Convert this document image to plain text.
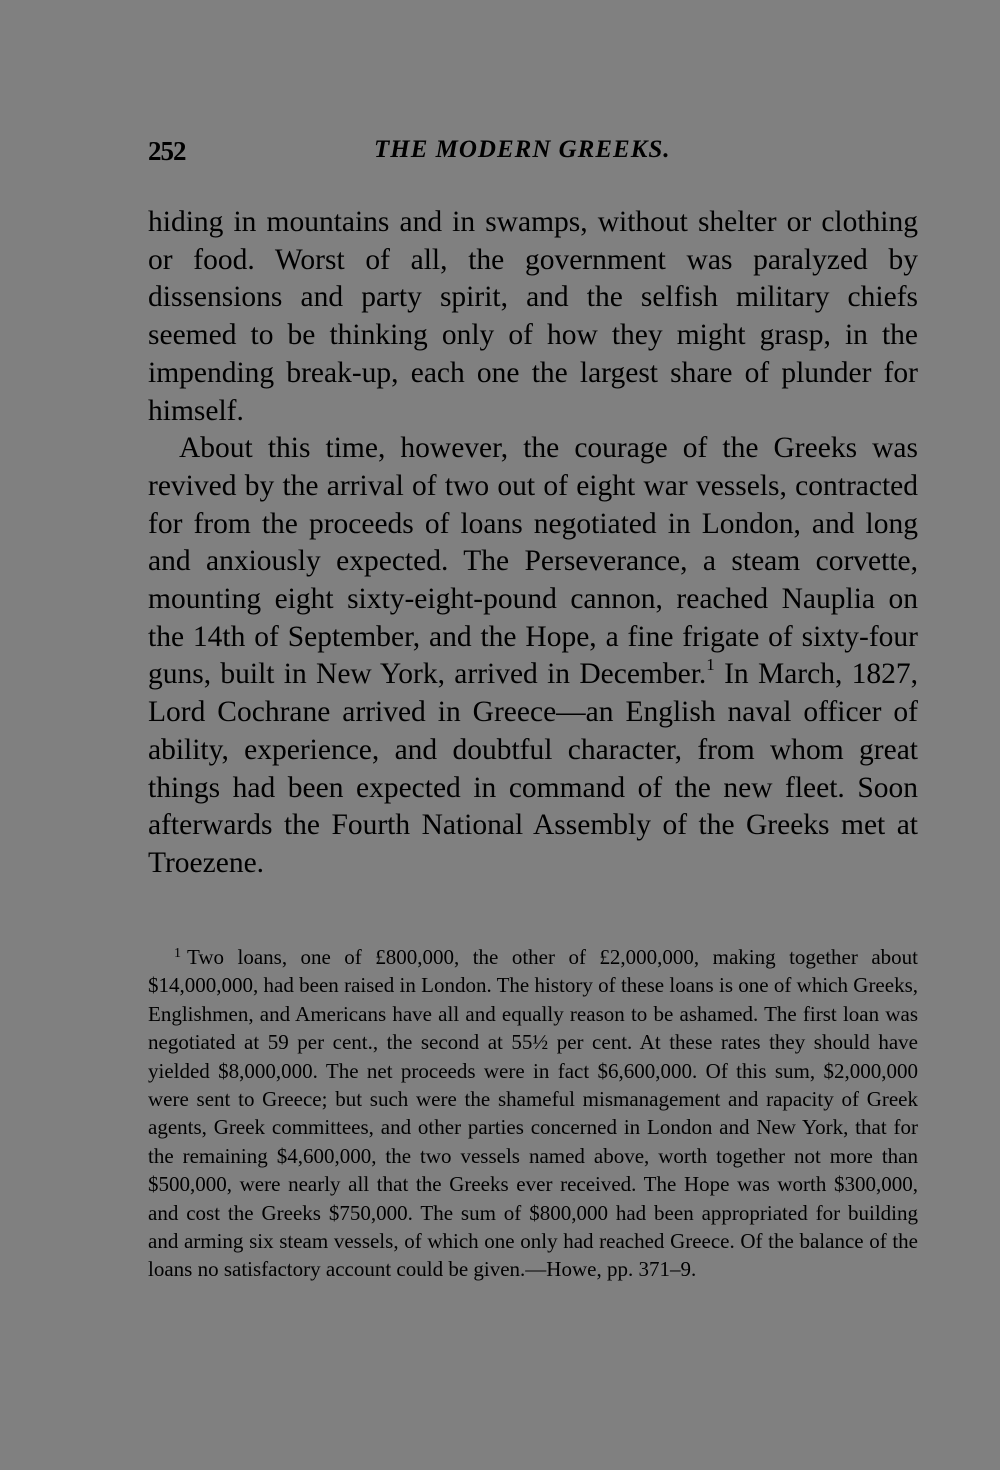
252	THE MODERN GREEKS.

hiding in mountains and in swamps, without shelter or clothing or food. Worst of all, the government was paralyzed by dissensions and party spirit, and the selfish military chiefs seemed to be thinking only of how they might grasp, in the impending break-up, each one the largest share of plunder for himself.

About this time, however, the courage of the Greeks was revived by the arrival of two out of eight war vessels, contracted for from the proceeds of loans negotiated in London, and long and anxiously expected. The Perseverance, a steam corvette, mounting eight sixty-eight-pound cannon, reached Nauplia on the 14th of September, and the Hope, a fine frigate of sixty-four guns, built in New York, arrived in December.$^1$ In March, 1827, Lord Cochrane arrived in Greece—an English naval officer of ability, experience, and doubtful character, from whom great things had been expected in command of the new fleet. Soon afterwards the Fourth National Assembly of the Greeks met at Troezene.

1 Two loans, one of £800,000, the other of £2,000,000, making together about $14,000,000, had been raised in London. The history of these loans is one of which Greeks, Englishmen, and Americans have all and equally reason to be ashamed. The first loan was negotiated at 59 per cent., the second at 55½ per cent. At these rates they should have yielded $8,000,000. The net proceeds were in fact $6,600,000. Of this sum, $2,000,000 were sent to Greece; but such were the shameful mismanagement and rapacity of Greek agents, Greek committees, and other parties concerned in London and New York, that for the remaining $4,600,000, the two vessels named above, worth together not more than $500,000, were nearly all that the Greeks ever received. The Hope was worth $300,000, and cost the Greeks $750,000. The sum of $800,000 had been appropriated for building and arming six steam vessels, of which one only had reached Greece. Of the balance of the loans no satisfactory account could be given.—Howe, pp. 371–9.
